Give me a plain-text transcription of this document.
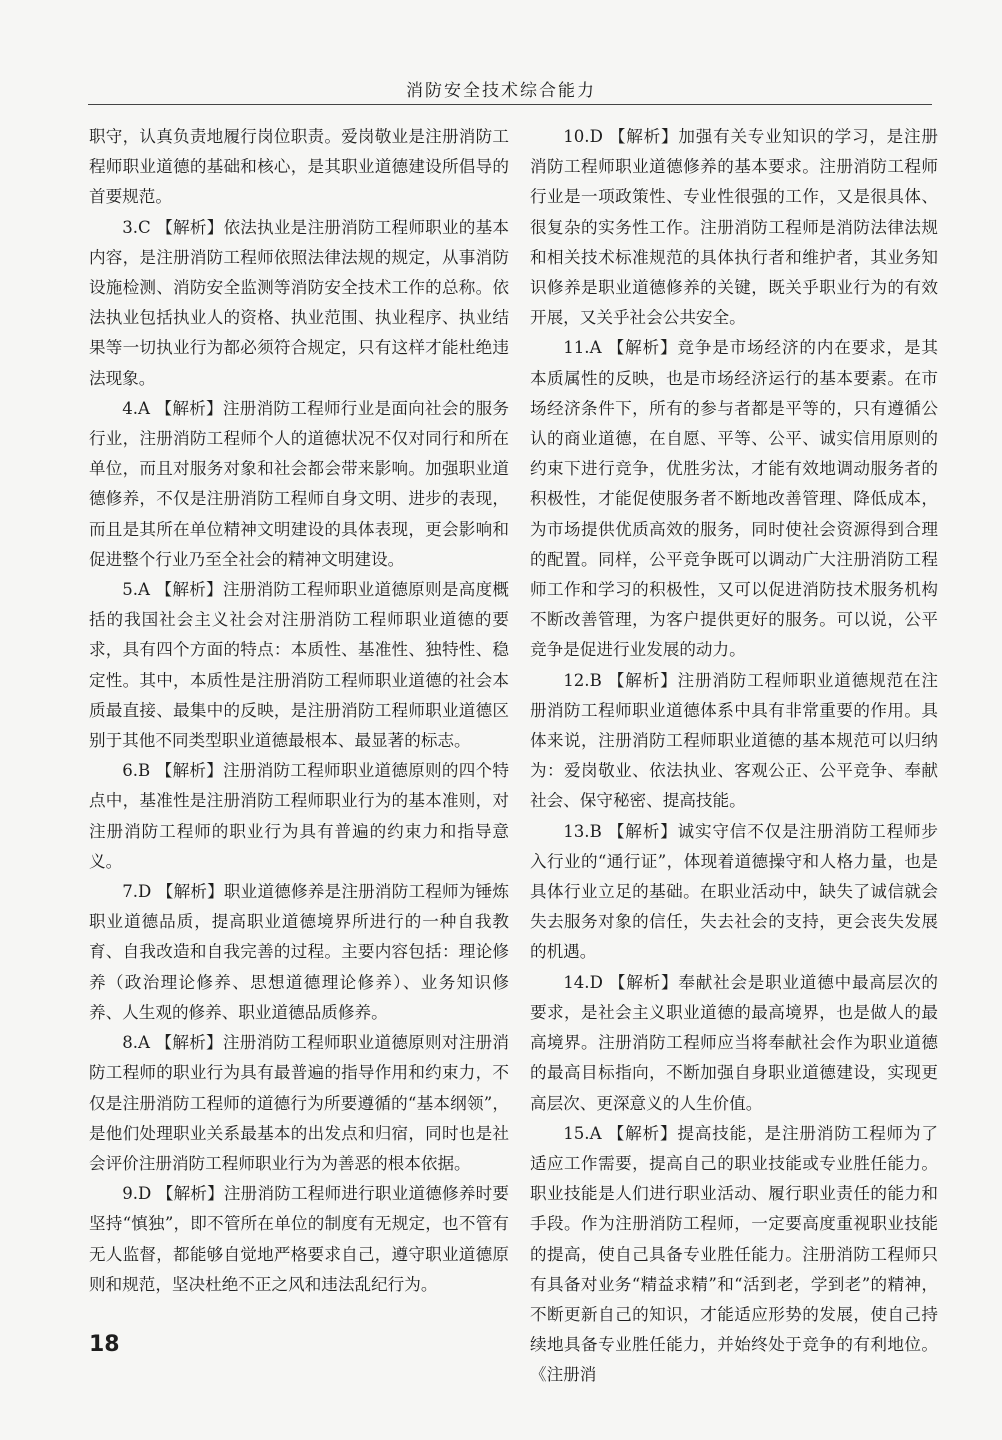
消防安全技术综合能力

职守，认真负责地履行岗位职责。爱岗敬业是注册消防工程师职业道德的基础和核心，是其职业道德建设所倡导的首要规范。

3.C 【解析】依法执业是注册消防工程师职业的基本内容，是注册消防工程师依照法律法规的规定，从事消防设施检测、消防安全监测等消防安全技术工作的总称。依法执业包括执业人的资格、执业范围、执业程序、执业结果等一切执业行为都必须符合规定，只有这样才能杜绝违法现象。

4.A 【解析】注册消防工程师行业是面向社会的服务行业，注册消防工程师个人的道德状况不仅对同行和所在单位，而且对服务对象和社会都会带来影响。加强职业道德修养，不仅是注册消防工程师自身文明、进步的表现，而且是其所在单位精神文明建设的具体表现，更会影响和促进整个行业乃至全社会的精神文明建设。

5.A 【解析】注册消防工程师职业道德原则是高度概括的我国社会主义社会对注册消防工程师职业道德的要求，具有四个方面的特点：本质性、基准性、独特性、稳定性。其中，本质性是注册消防工程师职业道德的社会本质最直接、最集中的反映，是注册消防工程师职业道德区别于其他不同类型职业道德最根本、最显著的标志。

6.B 【解析】注册消防工程师职业道德原则的四个特点中，基准性是注册消防工程师职业行为的基本准则，对注册消防工程师的职业行为具有普遍的约束力和指导意义。

7.D 【解析】职业道德修养是注册消防工程师为锤炼职业道德品质，提高职业道德境界所进行的一种自我教育、自我改造和自我完善的过程。主要内容包括：理论修养（政治理论修养、思想道德理论修养）、业务知识修养、人生观的修养、职业道德品质修养。

8.A 【解析】注册消防工程师职业道德原则对注册消防工程师的职业行为具有最普遍的指导作用和约束力，不仅是注册消防工程师的道德行为所要遵循的“基本纲领”，是他们处理职业关系最基本的出发点和归宿，同时也是社会评价注册消防工程师职业行为为善恶的根本依据。

9.D 【解析】注册消防工程师进行职业道德修养时要坚持“慎独”，即不管所在单位的制度有无规定，也不管有无人监督，都能够自觉地严格要求自己，遵守职业道德原则和规范，坚决杜绝不正之风和违法乱纪行为。

10.D 【解析】加强有关专业知识的学习，是注册消防工程师职业道德修养的基本要求。注册消防工程师行业是一项政策性、专业性很强的工作，又是很具体、很复杂的实务性工作。注册消防工程师是消防法律法规和相关技术标准规范的具体执行者和维护者，其业务知识修养是职业道德修养的关键，既关乎职业行为的有效开展，又关乎社会公共安全。

11.A 【解析】竞争是市场经济的内在要求，是其本质属性的反映，也是市场经济运行的基本要素。在市场经济条件下，所有的参与者都是平等的，只有遵循公认的商业道德，在自愿、平等、公平、诚实信用原则的约束下进行竞争，优胜劣汰，才能有效地调动服务者的积极性，才能促使服务者不断地改善管理、降低成本，为市场提供优质高效的服务，同时使社会资源得到合理的配置。同样，公平竞争既可以调动广大注册消防工程师工作和学习的积极性，又可以促进消防技术服务机构不断改善管理，为客户提供更好的服务。可以说，公平竞争是促进行业发展的动力。

12.B 【解析】注册消防工程师职业道德规范在注册消防工程师职业道德体系中具有非常重要的作用。具体来说，注册消防工程师职业道德的基本规范可以归纳为：爱岗敬业、依法执业、客观公正、公平竞争、奉献社会、保守秘密、提高技能。

13.B 【解析】诚实守信不仅是注册消防工程师步入行业的“通行证”，体现着道德操守和人格力量，也是具体行业立足的基础。在职业活动中，缺失了诚信就会失去服务对象的信任，失去社会的支持，更会丧失发展的机遇。

14.D 【解析】奉献社会是职业道德中最高层次的要求，是社会主义职业道德的最高境界，也是做人的最高境界。注册消防工程师应当将奉献社会作为职业道德的最高目标指向，不断加强自身职业道德建设，实现更高层次、更深意义的人生价值。

15.A 【解析】提高技能，是注册消防工程师为了适应工作需要，提高自己的职业技能或专业胜任能力。职业技能是人们进行职业活动、履行职业责任的能力和手段。作为注册消防工程师，一定要高度重视职业技能的提高，使自己具备专业胜任能力。注册消防工程师只有具备对业务“精益求精”和“活到老，学到老”的精神，不断更新自己的知识，才能适应形势的发展，使自己持续地具备专业胜任能力，并始终处于竞争的有利地位。《注册消

18
